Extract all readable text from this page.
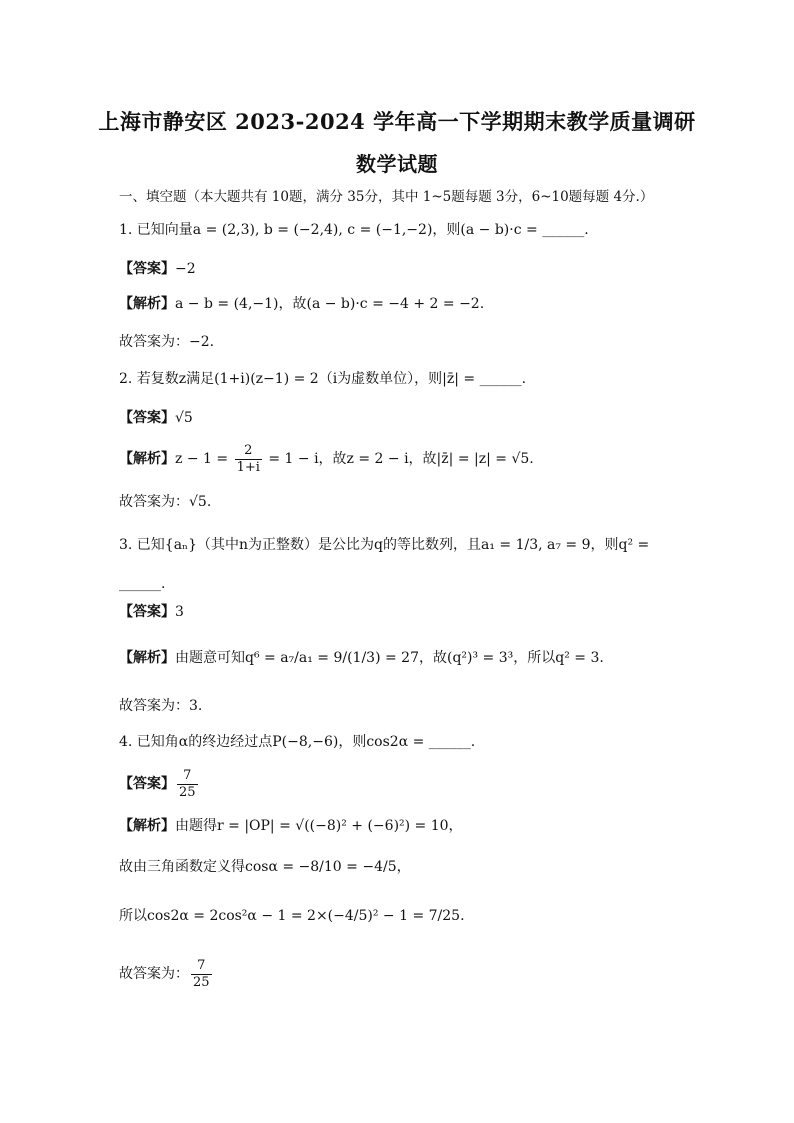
上海市静安区 2023-2024 学年高一下学期期末教学质量调研
数学试题
一、填空题（本大题共有 10题，满分 35分，其中 1~5题每题 3分，6~10题每题 4分.）
1. 已知向量a = (2,3), b = (−2,4), c = (−1,−2)，则(a − b)·c = ______.
【答案】−2
【解析】a − b = (4,−1)，故(a − b)·c = −4 + 2 = −2.
故答案为：−2.
2. 若复数z满足(1+i)(z−1) = 2（i为虚数单位），则|z̄| = ______.
【答案】√5
【解析】$z - 1 = \frac{2}{1+i} = 1 - i$，故z = 2 − i，故|z̄| = |z| = √5.
故答案为：√5.
3. 已知{aₙ}（其中n为正整数）是公比为q的等比数列，且a₁ = 1/3, a₇ = 9，则q² =
______.
【答案】3
【解析】由题意可知q⁶ = a₇/a₁ = 9/(1/3) = 27，故(q²)³ = 3³，所以q² = 3.
故答案为：3.
4. 已知角α的终边经过点P(−8,−6)，则cos2α = ______.
【答案】 $\frac{7}{25}$
【解析】由题得r = |OP| = √((−8)² + (−6)²) = 10，
故由三角函数定义得cosα = −8/10 = −4/5，
所以cos2α = 2cos²α − 1 = 2×(−4/5)² − 1 = 7/25.
故答案为： $\frac{7}{25}$
